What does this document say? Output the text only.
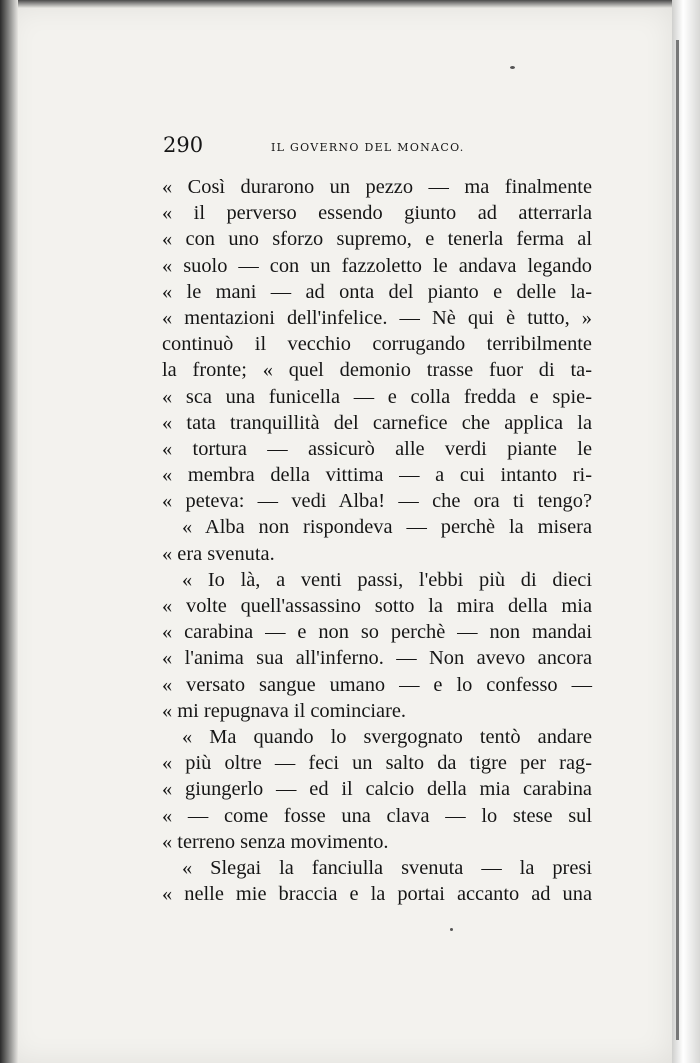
290	IL GOVERNO DEL MONACO.
« Così durarono un pezzo — ma finalmente
« il perverso essendo giunto ad atterrarla
« con uno sforzo supremo, e tenerla ferma al
« suolo — con un fazzoletto le andava legando
« le mani — ad onta del pianto e delle la-
« mentazioni dell'infelice. — Nè qui è tutto, »
continuò il vecchio corrugando terribilmente
la fronte; « quel demonio trasse fuor di ta-
« sca una funicella — e colla fredda e spie-
« tata tranquillità del carnefice che applica la
« tortura — assicurò alle verdi piante le
« membra della vittima — a cui intanto ri-
« peteva: — vedi Alba! — che ora ti tengo?
« Alba non rispondeva — perchè la misera
« era svenuta.
« Io là, a venti passi, l'ebbi più di dieci
« volte quell'assassino sotto la mira della mia
« carabina — e non so perchè — non mandai
« l'anima sua all'inferno. — Non avevo ancora
« versato sangue umano — e lo confesso —
« mi repugnava il cominciare.
« Ma quando lo svergognato tentò andare
« più oltre — feci un salto da tigre per rag-
« giungerlo — ed il calcio della mia carabina
« — come fosse una clava — lo stese sul
« terreno senza movimento.
« Slegai la fanciulla svenuta — la presi
« nelle mie braccia e la portai accanto ad una
